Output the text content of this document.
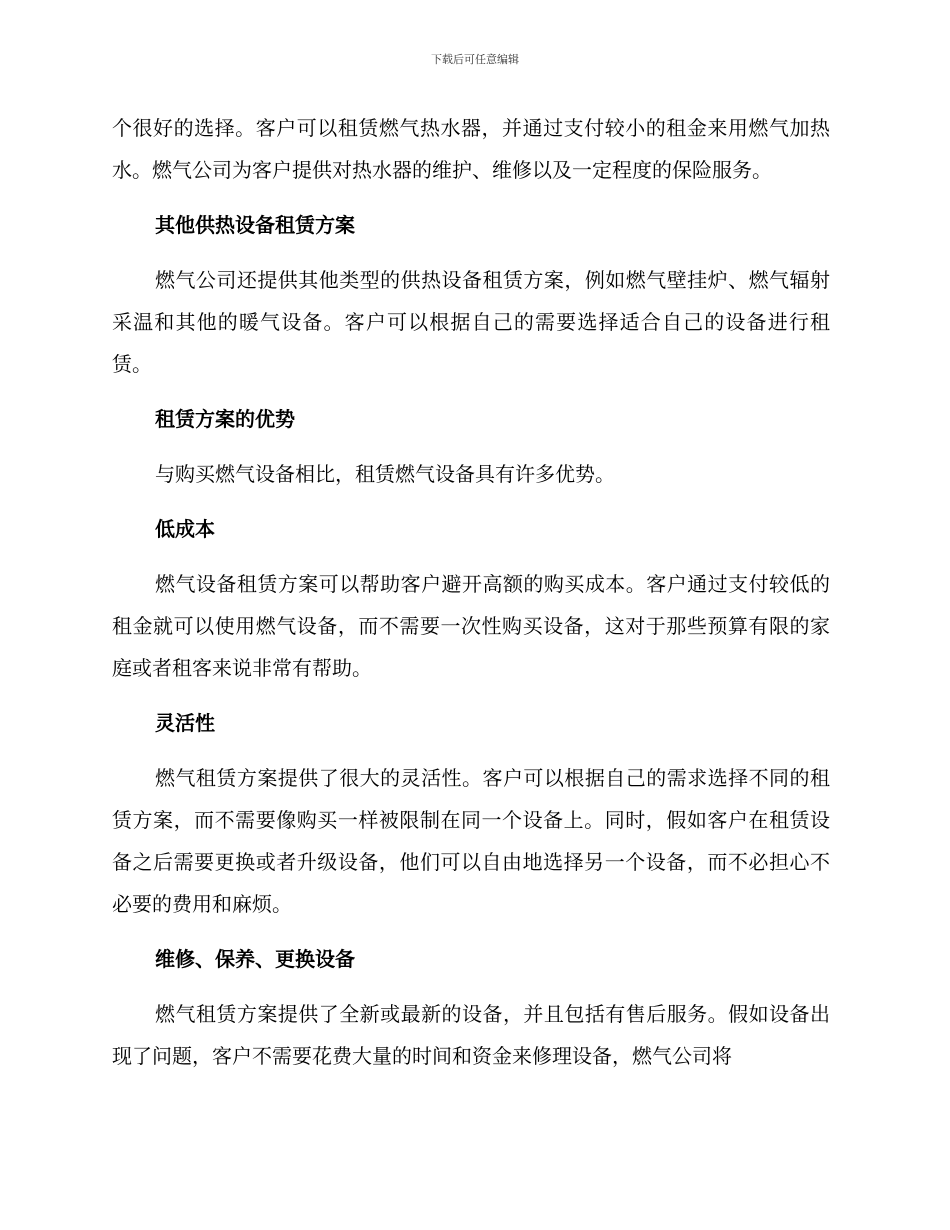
下载后可任意编辑

个很好的选择。客户可以租赁燃气热水器，并通过支付较小的租金来用燃气加热水。燃气公司为客户提供对热水器的维护、维修以及一定程度的保险服务。

其他供热设备租赁方案

燃气公司还提供其他类型的供热设备租赁方案，例如燃气壁挂炉、燃气辐射采温和其他的暖气设备。客户可以根据自己的需要选择适合自己的设备进行租赁。

租赁方案的优势

与购买燃气设备相比，租赁燃气设备具有许多优势。

低成本

燃气设备租赁方案可以帮助客户避开高额的购买成本。客户通过支付较低的租金就可以使用燃气设备，而不需要一次性购买设备，这对于那些预算有限的家庭或者租客来说非常有帮助。

灵活性

燃气租赁方案提供了很大的灵活性。客户可以根据自己的需求选择不同的租赁方案，而不需要像购买一样被限制在同一个设备上。同时，假如客户在租赁设备之后需要更换或者升级设备，他们可以自由地选择另一个设备，而不必担心不必要的费用和麻烦。

维修、保养、更换设备

燃气租赁方案提供了全新或最新的设备，并且包括有售后服务。假如设备出现了问题，客户不需要花费大量的时间和资金来修理设备，燃气公司将
